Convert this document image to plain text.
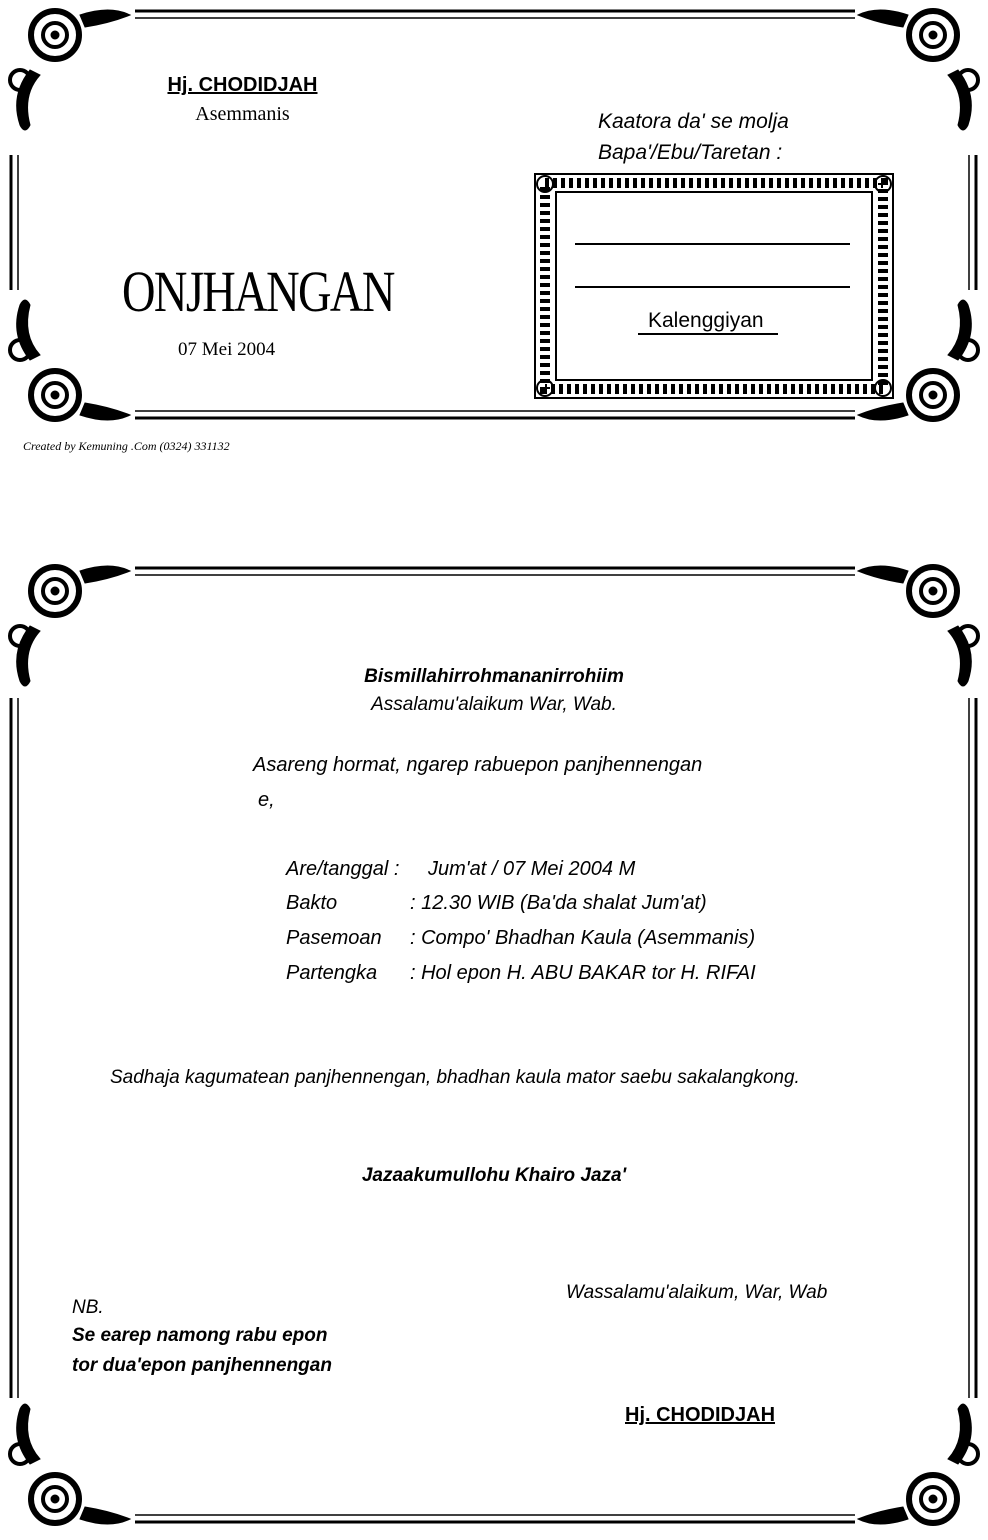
Hj. CHODIDJAH
Asemmanis
ONJHANGAN
07 Mei 2004
Kaatora da' se molja
Bapa'/Ebu/Taretan :
Kalenggiyan
Created by Kemuning .Com (0324) 331132
Bismillahirrohmananirrohiim
Assalamu'alaikum War, Wab.
Asareng hormat, ngarep rabuepon panjhennengan
e,
Are/tanggal : Jum'at / 07 Mei 2004 M
Bakto	: 12.30 WIB (Ba'da shalat Jum'at)
Pasemoan : Compo' Bhadhan Kaula (Asemmanis)
Partengka : Hol epon H. ABU BAKAR tor H. RIFAI
Sadhaja kagumatean panjhennengan, bhadhan kaula mator saebu sakalangkong.
Jazaakumullohu Khairo Jaza'
Wassalamu'alaikum, War, Wab
NB.
Se earep namong rabu epon
tor dua'epon panjhennengan
Hj. CHODIDJAH
